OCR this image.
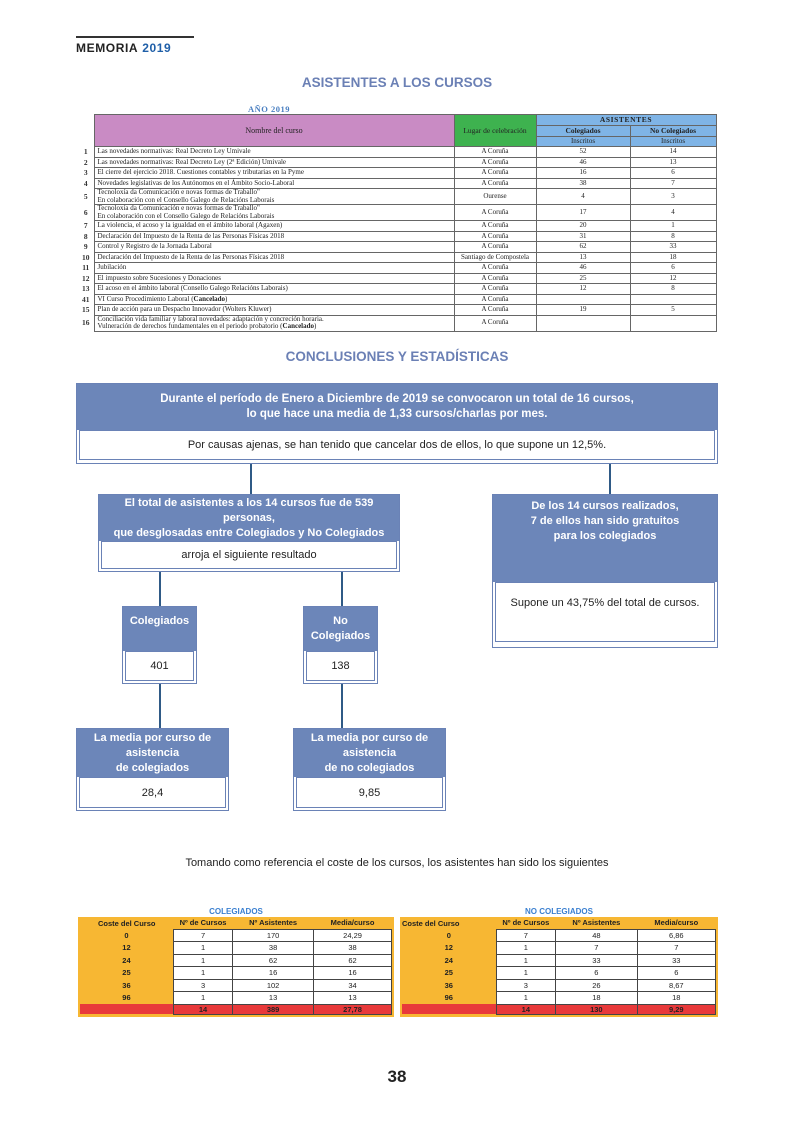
MEMORIA 2019
ASISTENTES A LOS CURSOS
AÑO 2019
	Nombre del curso	Lugar de celebración	ASISTENTES	
			Colegiados	No Colegiados
			Inscritos	Inscritos
1	Las novedades normativas: Real Decreto Ley Umivale	A Coruña	52	14
2	Las novedades normativas: Real Decreto Ley (2ª Edición) Umivale	A Coruña	46	13
3	El cierre del ejercicio 2018. Cuestiones contables y tributarias en la Pyme	A Coruña	16	6
4	Novedades legislativas de los Autónomos en el Ámbito Socio-Laboral	A Coruña	38	7
5	Tecnoloxía da Comunicación e novas formas de Traballo"
En colaboración con el Consello Galego de Relacións Laborais	Ourense	4	3
6	Tecnoloxía da Comunicación e novas formas de Traballo"
En colaboración con el Consello Galego de Relacións Laborais	A Coruña	17	4
7	La violencia, el acoso y la igualdad en el ámbito laboral (Agaxen)	A Coruña	20	1
8	Declaración del Impuesto de la Renta de las Personas Físicas 2018	A Coruña	31	8
9	Control y Registro de la Jornada Laboral	A Coruña	62	33
10	Declaración del Impuesto de la Renta de las Personas Físicas 2018	Santiago de Compostela	13	18
11	Jubilación	A Coruña	46	6
12	El impuesto sobre Sucesiones y Donaciones	A Coruña	25	12
13	El acoso en el ámbito laboral (Consello Galego Relacións Laborais)	A Coruña	12	8
41	VI Curso Procedimiento Laboral (Cancelado)	A Coruña		
15	Plan de acción para un Despacho Innovador (Wolters Kluwer)	A Coruña	19	5
16	Conciliación vida familiar y laboral novedades: adaptación y concreción horaria.
Vulneración de derechos fundamentales en el periodo probatorio (Cancelado)	A Coruña		
CONCLUSIONES Y ESTADÍSTICAS
Durante el período de Enero a Diciembre de 2019 se convocaron un total de 16 cursos,
lo que hace una media de 1,33 cursos/charlas por mes.
Por causas ajenas, se han tenido que cancelar dos de ellos, lo que supone un 12,5%.
El total de asistentes a los 14 cursos fue de 539 personas,
que desglosadas entre Colegiados y No Colegiados
arroja el siguiente resultado
De los 14 cursos realizados,
7 de ellos han sido gratuitos
para los colegiados
Supone un 43,75% del total de cursos.
Colegiados
401
No Colegiados
138
La media por curso de asistencia
de colegiados
28,4
La media por curso de asistencia
de no colegiados
9,85
Tomando como referencia el coste de los cursos, los asistentes han sido los siguientes
COLEGIADOS
Coste del Curso	Nº de Cursos	Nº Asistentes	Media/curso
0	7	170	24,29
12	1	38	38
24	1	62	62
25	1	16	16
36	3	102	34
96	1	13	13
	14	389	27,78
NO COLEGIADOS
Coste del Curso	Nº de Cursos	Nº Asistentes	Media/curso
0	7	48	6,86
12	1	7	7
24	1	33	33
25	1	6	6
36	3	26	8,67
96	1	18	18
	14	130	9,29
38
